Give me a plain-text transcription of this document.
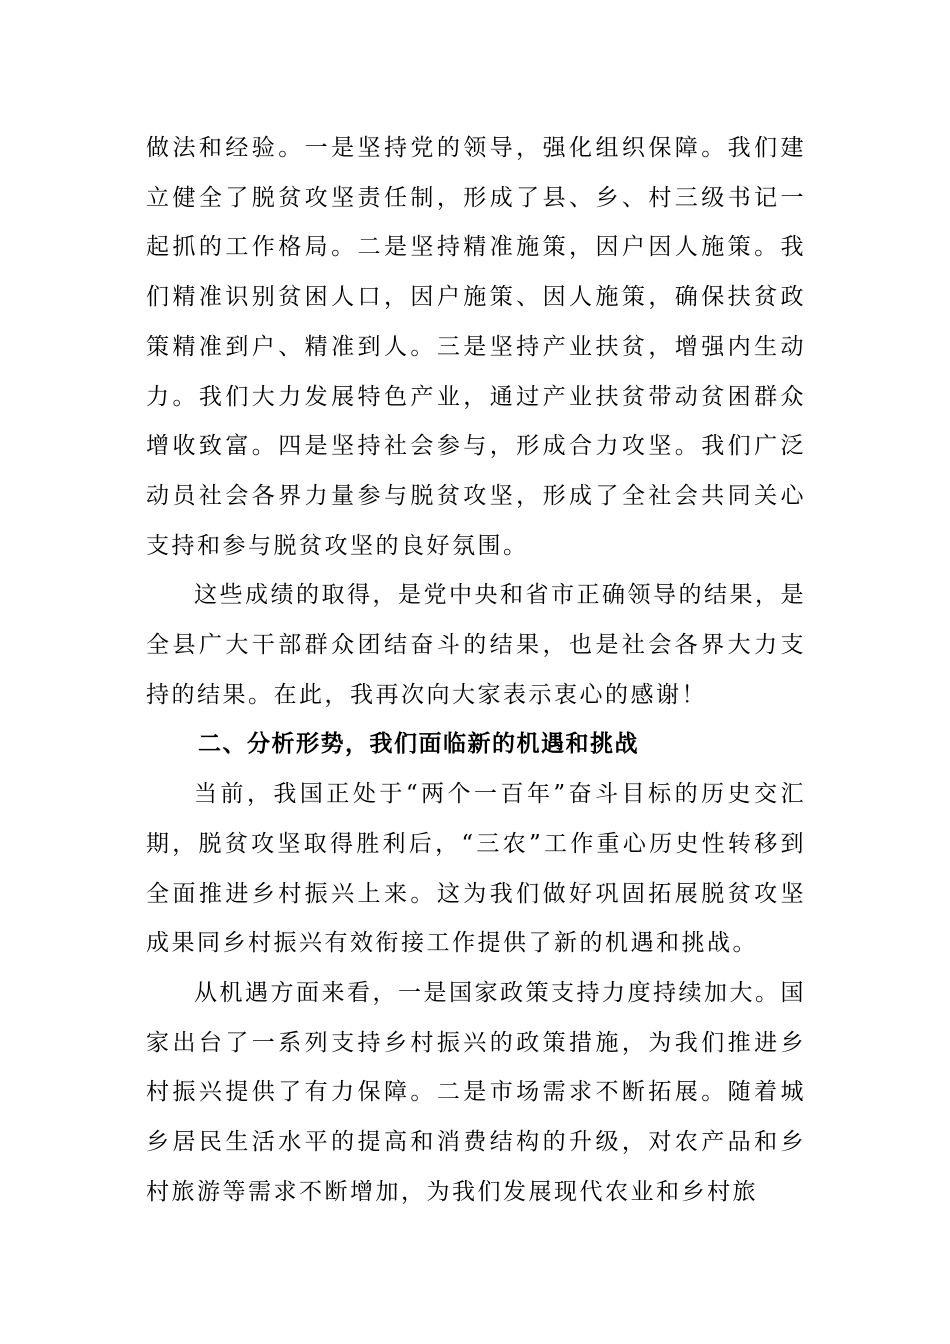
做法和经验。一是坚持党的领导，强化组织保障。我们建立健全了脱贫攻坚责任制，形成了县、乡、村三级书记一起抓的工作格局。二是坚持精准施策，因户因人施策。我们精准识别贫困人口，因户施策、因人施策，确保扶贫政策精准到户、精准到人。三是坚持产业扶贫，增强内生动力。我们大力发展特色产业，通过产业扶贫带动贫困群众增收致富。四是坚持社会参与，形成合力攻坚。我们广泛动员社会各界力量参与脱贫攻坚，形成了全社会共同关心支持和参与脱贫攻坚的良好氛围。

这些成绩的取得，是党中央和省市正确领导的结果，是全县广大干部群众团结奋斗的结果，也是社会各界大力支持的结果。在此，我再次向大家表示衷心的感谢！

二、分析形势，我们面临新的机遇和挑战

当前，我国正处于“两个一百年”奋斗目标的历史交汇期，脱贫攻坚取得胜利后，“三农”工作重心历史性转移到全面推进乡村振兴上来。这为我们做好巩固拓展脱贫攻坚成果同乡村振兴有效衔接工作提供了新的机遇和挑战。

从机遇方面来看，一是国家政策支持力度持续加大。国家出台了一系列支持乡村振兴的政策措施，为我们推进乡村振兴提供了有力保障。二是市场需求不断拓展。随着城乡居民生活水平的提高和消费结构的升级，对农产品和乡村旅游等需求不断增加，为我们发展现代农业和乡村旅
